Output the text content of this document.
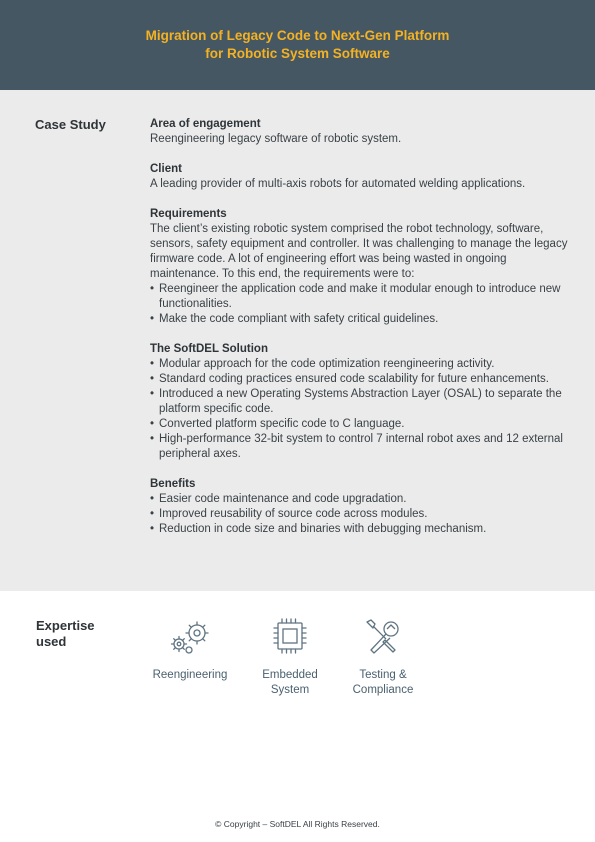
Migration of Legacy Code to Next-Gen Platform
for Robotic System Software
Case Study	Area of engagement

Reengineering legacy software of robotic system.

Client

A leading provider of multi-axis robots for automated welding applications.

Requirements

The client’s existing robotic system comprised the robot technology, software, sensors, safety equipment and controller. It was challenging to manage the legacy firmware code. A lot of engineering effort was being wasted in ongoing maintenance. To this end, the requirements were to:

• Reengineer the application code and make it modular enough to introduce new functionalities.
• Make the code compliant with safety critical guidelines.
The SoftDEL Solution
• Modular approach for the code optimization reengineering activity.
• Standard coding practices ensured code scalability for future enhancements.
• Introduced a new Operating Systems Abstraction Layer (OSAL) to separate the platform specific code.
• Converted platform specific code to C language.
• High-performance 32-bit system to control 7 internal robot axes and 12 external peripheral axes.
Benefits
• Easier code maintenance and code upgradation.
• Improved reusability of source code across modules.
• Reduction in code size and binaries with debugging mechanism.
Expertise
used
Reengineering	Embedded
System
Testing &
Compliance
© Copyright – SoftDEL All Rights Reserved.
